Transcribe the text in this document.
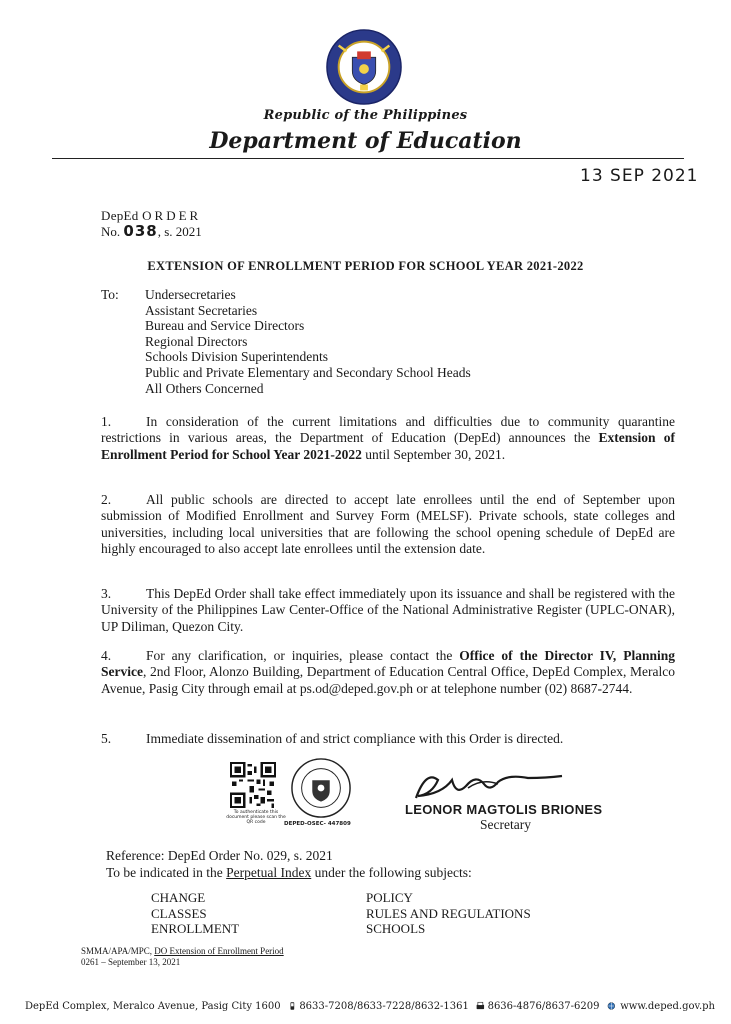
Republic of the Philippines
Department of Education
13 SEP 2021
DepEd ORDER
No. 038, s. 2021
EXTENSION OF ENROLLMENT PERIOD FOR SCHOOL YEAR 2021-2022
To: Undersecretaries
Assistant Secretaries
Bureau and Service Directors
Regional Directors
Schools Division Superintendents
Public and Private Elementary and Secondary School Heads
All Others Concerned
1.	In consideration of the current limitations and difficulties due to community quarantine restrictions in various areas, the Department of Education (DepEd) announces the Extension of Enrollment Period for School Year 2021-2022 until September 30, 2021.
2.	All public schools are directed to accept late enrollees until the end of September upon submission of Modified Enrollment and Survey Form (MELSF). Private schools, state colleges and universities, including local universities that are following the school opening schedule of DepEd are highly encouraged to also accept late enrollees until the extension date.
3.	This DepEd Order shall take effect immediately upon its issuance and shall be registered with the University of the Philippines Law Center-Office of the National Administrative Register (UPLC-ONAR), UP Diliman, Quezon City.
4.	For any clarification, or inquiries, please contact the Office of the Director IV, Planning Service, 2nd Floor, Alonzo Building, Department of Education Central Office, DepEd Complex, Meralco Avenue, Pasig City through email at ps.od@deped.gov.ph or at telephone number (02) 8687-2744.
5.	Immediate dissemination of and strict compliance with this Order is directed.
To authenticate this document please scan the QR code	DEPED-OSEC- 447809
LEONOR MAGTOLIS BRIONES
Secretary
Reference: DepEd Order No. 029, s. 2021
To be indicated in the Perpetual Index under the following subjects:
CHANGE
CLASSES
ENROLLMENT
POLICY
RULES AND REGULATIONS
SCHOOLS
SMMA/APA/MPC, DO Extension of Enrollment Period
0261 – September 13, 2021
DepEd Complex, Meralco Avenue, Pasig City 1600 8633-7208/8633-7228/8632-1361 8636-4876/8637-6209 www.deped.gov.ph
